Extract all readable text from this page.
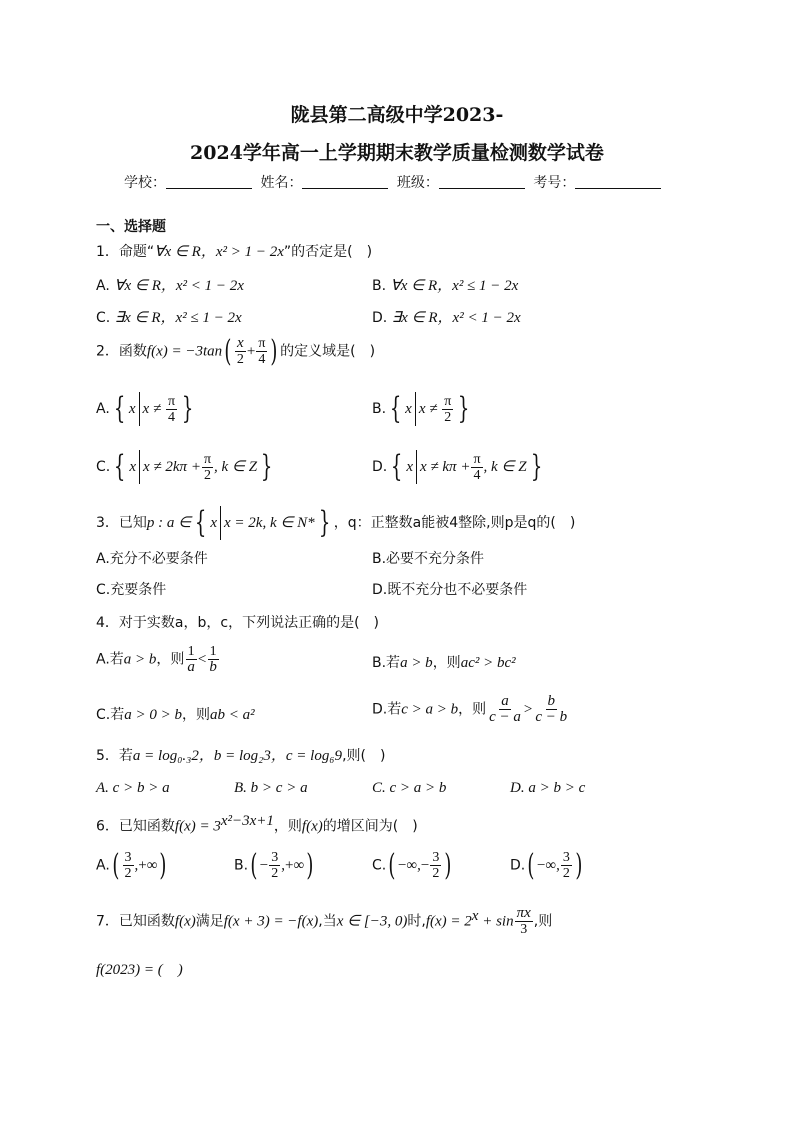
陇县第二高级中学2023-
2024学年高一上学期期末教学质量检测数学试卷
学校：	姓名：	班级：	考号：
一、选择题
1．命题“∀x ∈ R，x² > 1 − 2x”的否定是(　)
A. ∀x ∈ R，x² < 1 − 2x	B. ∀x ∈ R，x² ≤ 1 − 2x
C. ∃x ∈ R，x² ≤ 1 − 2x	D. ∃x ∈ R，x² < 1 − 2x
2．函数$f(x) = -3\tan( \frac{x}{2} + \frac{\pi}{4}$ ) 的定义域是(　)
A. { x $x \ne \frac{\pi}{4}$ }	B. { x $x \ne \frac{\pi}{2}$ }
C. { x $x \ne 2k\pi + \frac{\pi}{2}$ , k ∈ Z }	D. { x $x \ne k\pi + \frac{\pi}{4}$ , k ∈ Z }
3．已知p : a ∈ { x x = 2k, k ∈ N* } ，q：正整数a能被4整除,则p是q的(　)
A.充分不必要条件	B.必要不充分条件
C.充要条件	D.既不充分也不必要条件
4．对于实数a，b，c，下列说法正确的是(　)
A.若a > b，则 $\frac{1}{a} < \frac{1}{b}$	B.若a > b，则ac² > bc²
C.若a > 0 > b，则ab < a²	D.若c > a > b，则 $\frac{a}{c - a} > \frac{b}{c - b}$
5．若a = log₀.₃2，b = log₂3，c = log₆9,则(　)
A. c > b > a	B. b > c > a	C. c > a > b	D. a > b > c
6．已知函数$f(x) = 3^{x^2-3x+1}$，则f(x)的增区间为(　)
$A.( \frac{3}{2}$ ,+∞)	$B.( - \frac{3}{2}$ ,+∞)	C.( −∞,− $\frac{3}{2}$ )	D.( −∞, $\frac{3}{2}$ )
7．已知函数f(x)满足f(x + 3) = −f(x),当x ∈ [−3, 0)时$,f(x) = 2^x + \sin \frac{\pi x}{3}$ ,则
f(2023) = (　)
